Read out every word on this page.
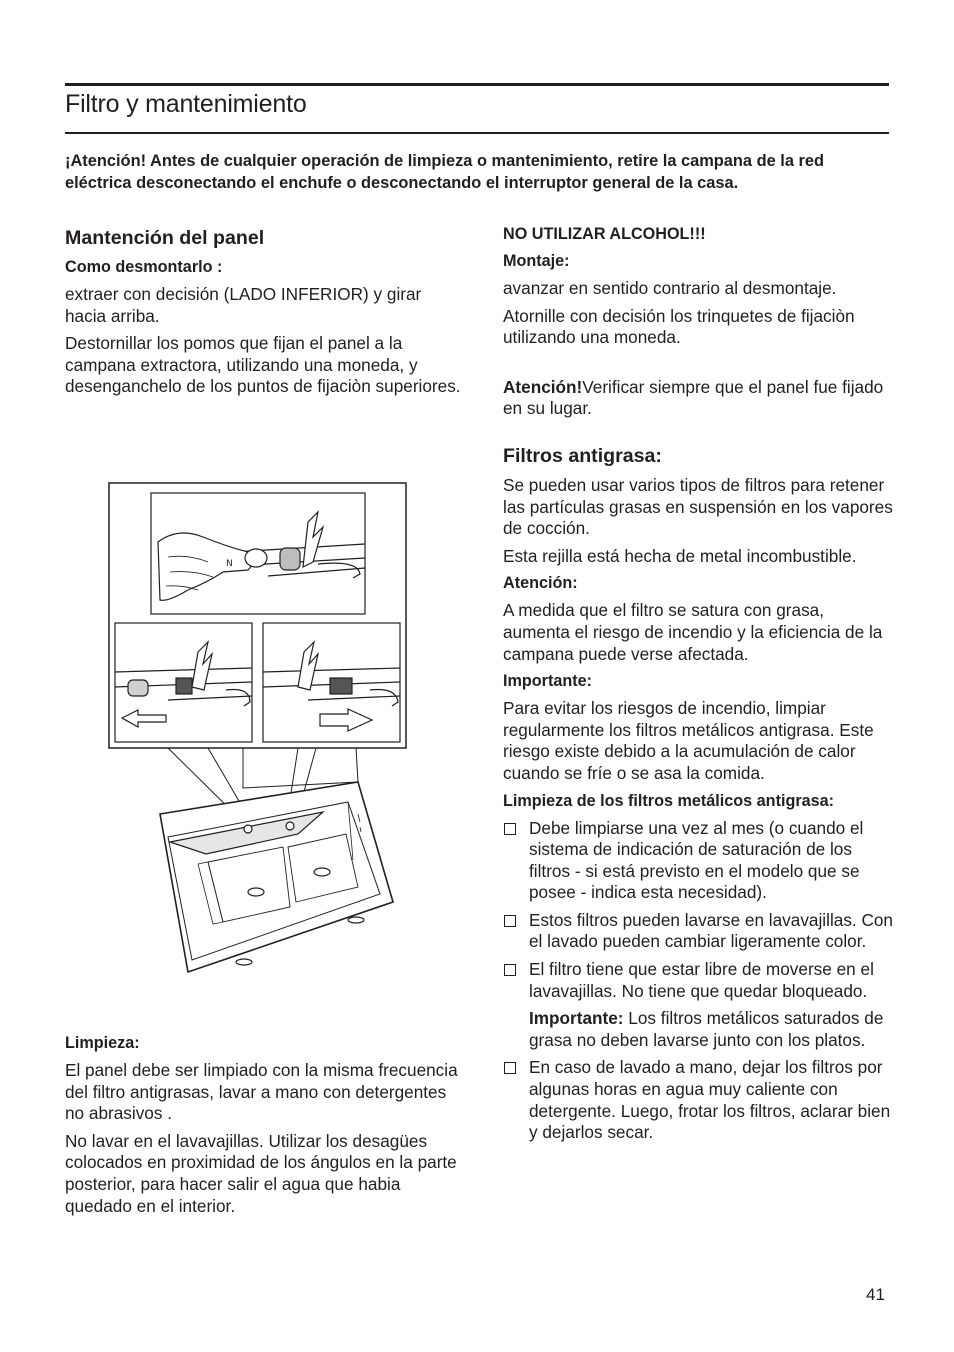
Filtro y mantenimiento

¡Atención! Antes de cualquier operación de limpieza o mantenimiento, retire la campana de la red eléctrica desconectando el enchufe o desconectando el interruptor general de la casa.

Mantención del panel
Como desmontarlo :

extraer con decisión (LADO INFERIOR) y girar hacia arriba.

Destornillar los pomos que fijan el panel a la campana extractora, utilizando una moneda, y desenganchelo de los puntos de fijaciòn superiores.

N
Limpieza:

El panel debe ser limpiado con la misma frecuencia del filtro antigrasas, lavar a mano con detergentes no abrasivos .

No lavar en el lavavajillas. Utilizar los desagües colocados en proximidad de los ángulos en la parte posterior, para hacer salir el agua que habia quedado en el interior.

NO UTILIZAR ALCOHOL!!!
Montaje:

avanzar en sentido contrario al desmontaje.

Atornille con decisión los trinquetes de fijaciòn utilizando una moneda.

Atención!Verificar siempre que el panel fue fijado en su lugar.

Filtros antigrasa:

Se pueden usar varios tipos de filtros para retener las partículas grasas en suspensión en los vapores de cocción.

Esta rejilla está hecha de metal incombustible.

Atención:

A medida que el filtro se satura con grasa, aumenta el riesgo de incendio y la eficiencia de la campana puede verse afectada.

Importante:

Para evitar los riesgos de incendio, limpiar regularmente los filtros metálicos antigrasa. Este riesgo existe debido a la acumulación de calor cuando se fríe o se asa la comida.

Limpieza de los filtros metálicos antigrasa:
Debe limpiarse una vez al mes (o cuando el sistema de indicación de saturación de los filtros - si está previsto en el modelo que se posee - indica esta necesidad).
Estos filtros pueden lavarse en lavavajillas. Con el lavado pueden cambiar ligeramente color.
El filtro tiene que estar libre de moverse en el lavavajillas. No tiene que quedar bloqueado.
Importante: Los filtros metálicos saturados de grasa no deben lavarse junto con los platos.
En caso de lavado a mano, dejar los filtros por algunas horas en agua muy caliente con detergente. Luego, frotar los filtros, aclarar bien y dejarlos secar.
41
